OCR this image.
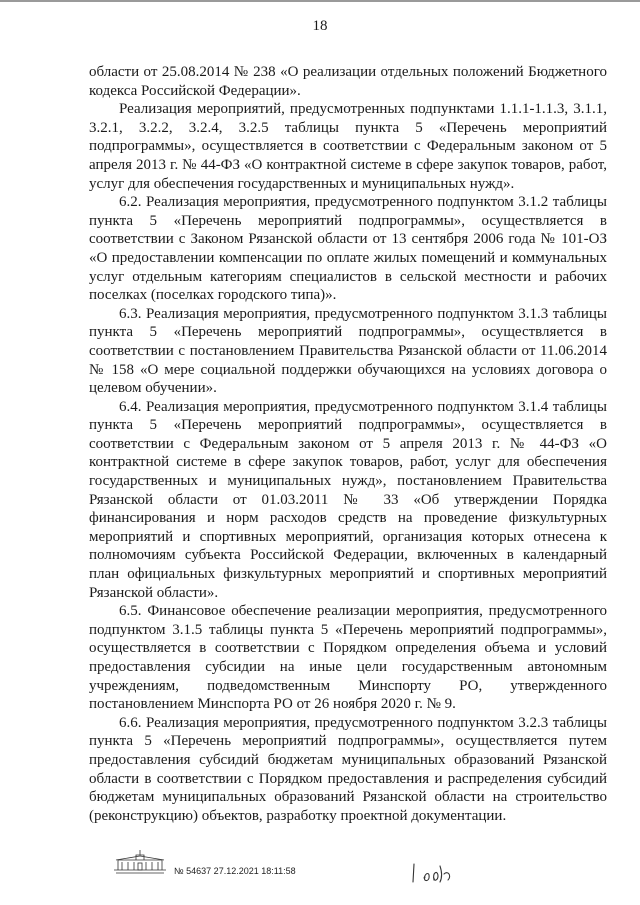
18

области от 25.08.2014 № 238 «О реализации отдельных положений Бюджетного кодекса Российской Федерации».

Реализация мероприятий, предусмотренных подпунктами 1.1.1-1.1.3, 3.1.1, 3.2.1, 3.2.2, 3.2.4, 3.2.5 таблицы пункта 5 «Перечень мероприятий подпрограммы», осуществляется в соответствии с Федеральным законом от 5 апреля 2013 г. № 44-ФЗ «О контрактной системе в сфере закупок товаров, работ, услуг для обеспечения государственных и муниципальных нужд».

6.2. Реализация мероприятия, предусмотренного подпунктом 3.1.2 таблицы пункта 5 «Перечень мероприятий подпрограммы», осуществляется в соответствии с Законом Рязанской области от 13 сентября 2006 года № 101-ОЗ «О предоставлении компенсации по оплате жилых помещений и коммунальных услуг отдельным категориям специалистов в сельской местности и рабочих поселках (поселках городского типа)».

6.3. Реализация мероприятия, предусмотренного подпунктом 3.1.3 таблицы пункта 5 «Перечень мероприятий подпрограммы», осуществляется в соответствии с постановлением Правительства Рязанской области от 11.06.2014 № 158 «О мере социальной поддержки обучающихся на условиях договора о целевом обучении».

6.4. Реализация мероприятия, предусмотренного подпунктом 3.1.4 таблицы пункта 5 «Перечень мероприятий подпрограммы», осуществляется в соответствии с Федеральным законом от 5 апреля 2013 г. № 44-ФЗ «О контрактной системе в сфере закупок товаров, работ, услуг для обеспечения государственных и муниципальных нужд», постановлением Правительства Рязанской области от 01.03.2011 № 33 «Об утверждении Порядка финансирования и норм расходов средств на проведение физкультурных мероприятий и спортивных мероприятий, организация которых отнесена к полномочиям субъекта Российской Федерации, включенных в календарный план официальных физкультурных мероприятий и спортивных мероприятий Рязанской области».

6.5. Финансовое обеспечение реализации мероприятия, предусмотренного подпунктом 3.1.5 таблицы пункта 5 «Перечень мероприятий подпрограммы», осуществляется в соответствии с Порядком определения объема и условий предоставления субсидии на иные цели государственным автономным учреждениям, подведомственным Минспорту РО, утвержденного постановлением Минспорта РО от 26 ноября 2020 г. № 9.

6.6. Реализация мероприятия, предусмотренного подпунктом 3.2.3 таблицы пункта 5 «Перечень мероприятий подпрограммы», осуществляется путем предоставления субсидий бюджетам муниципальных образований Рязанской области в соответствии с Порядком предоставления и распределения субсидий бюджетам муниципальных образований Рязанской области на строительство (реконструкцию) объектов, разработку проектной документации.

№ 54637 27.12.2021 18:11:58
